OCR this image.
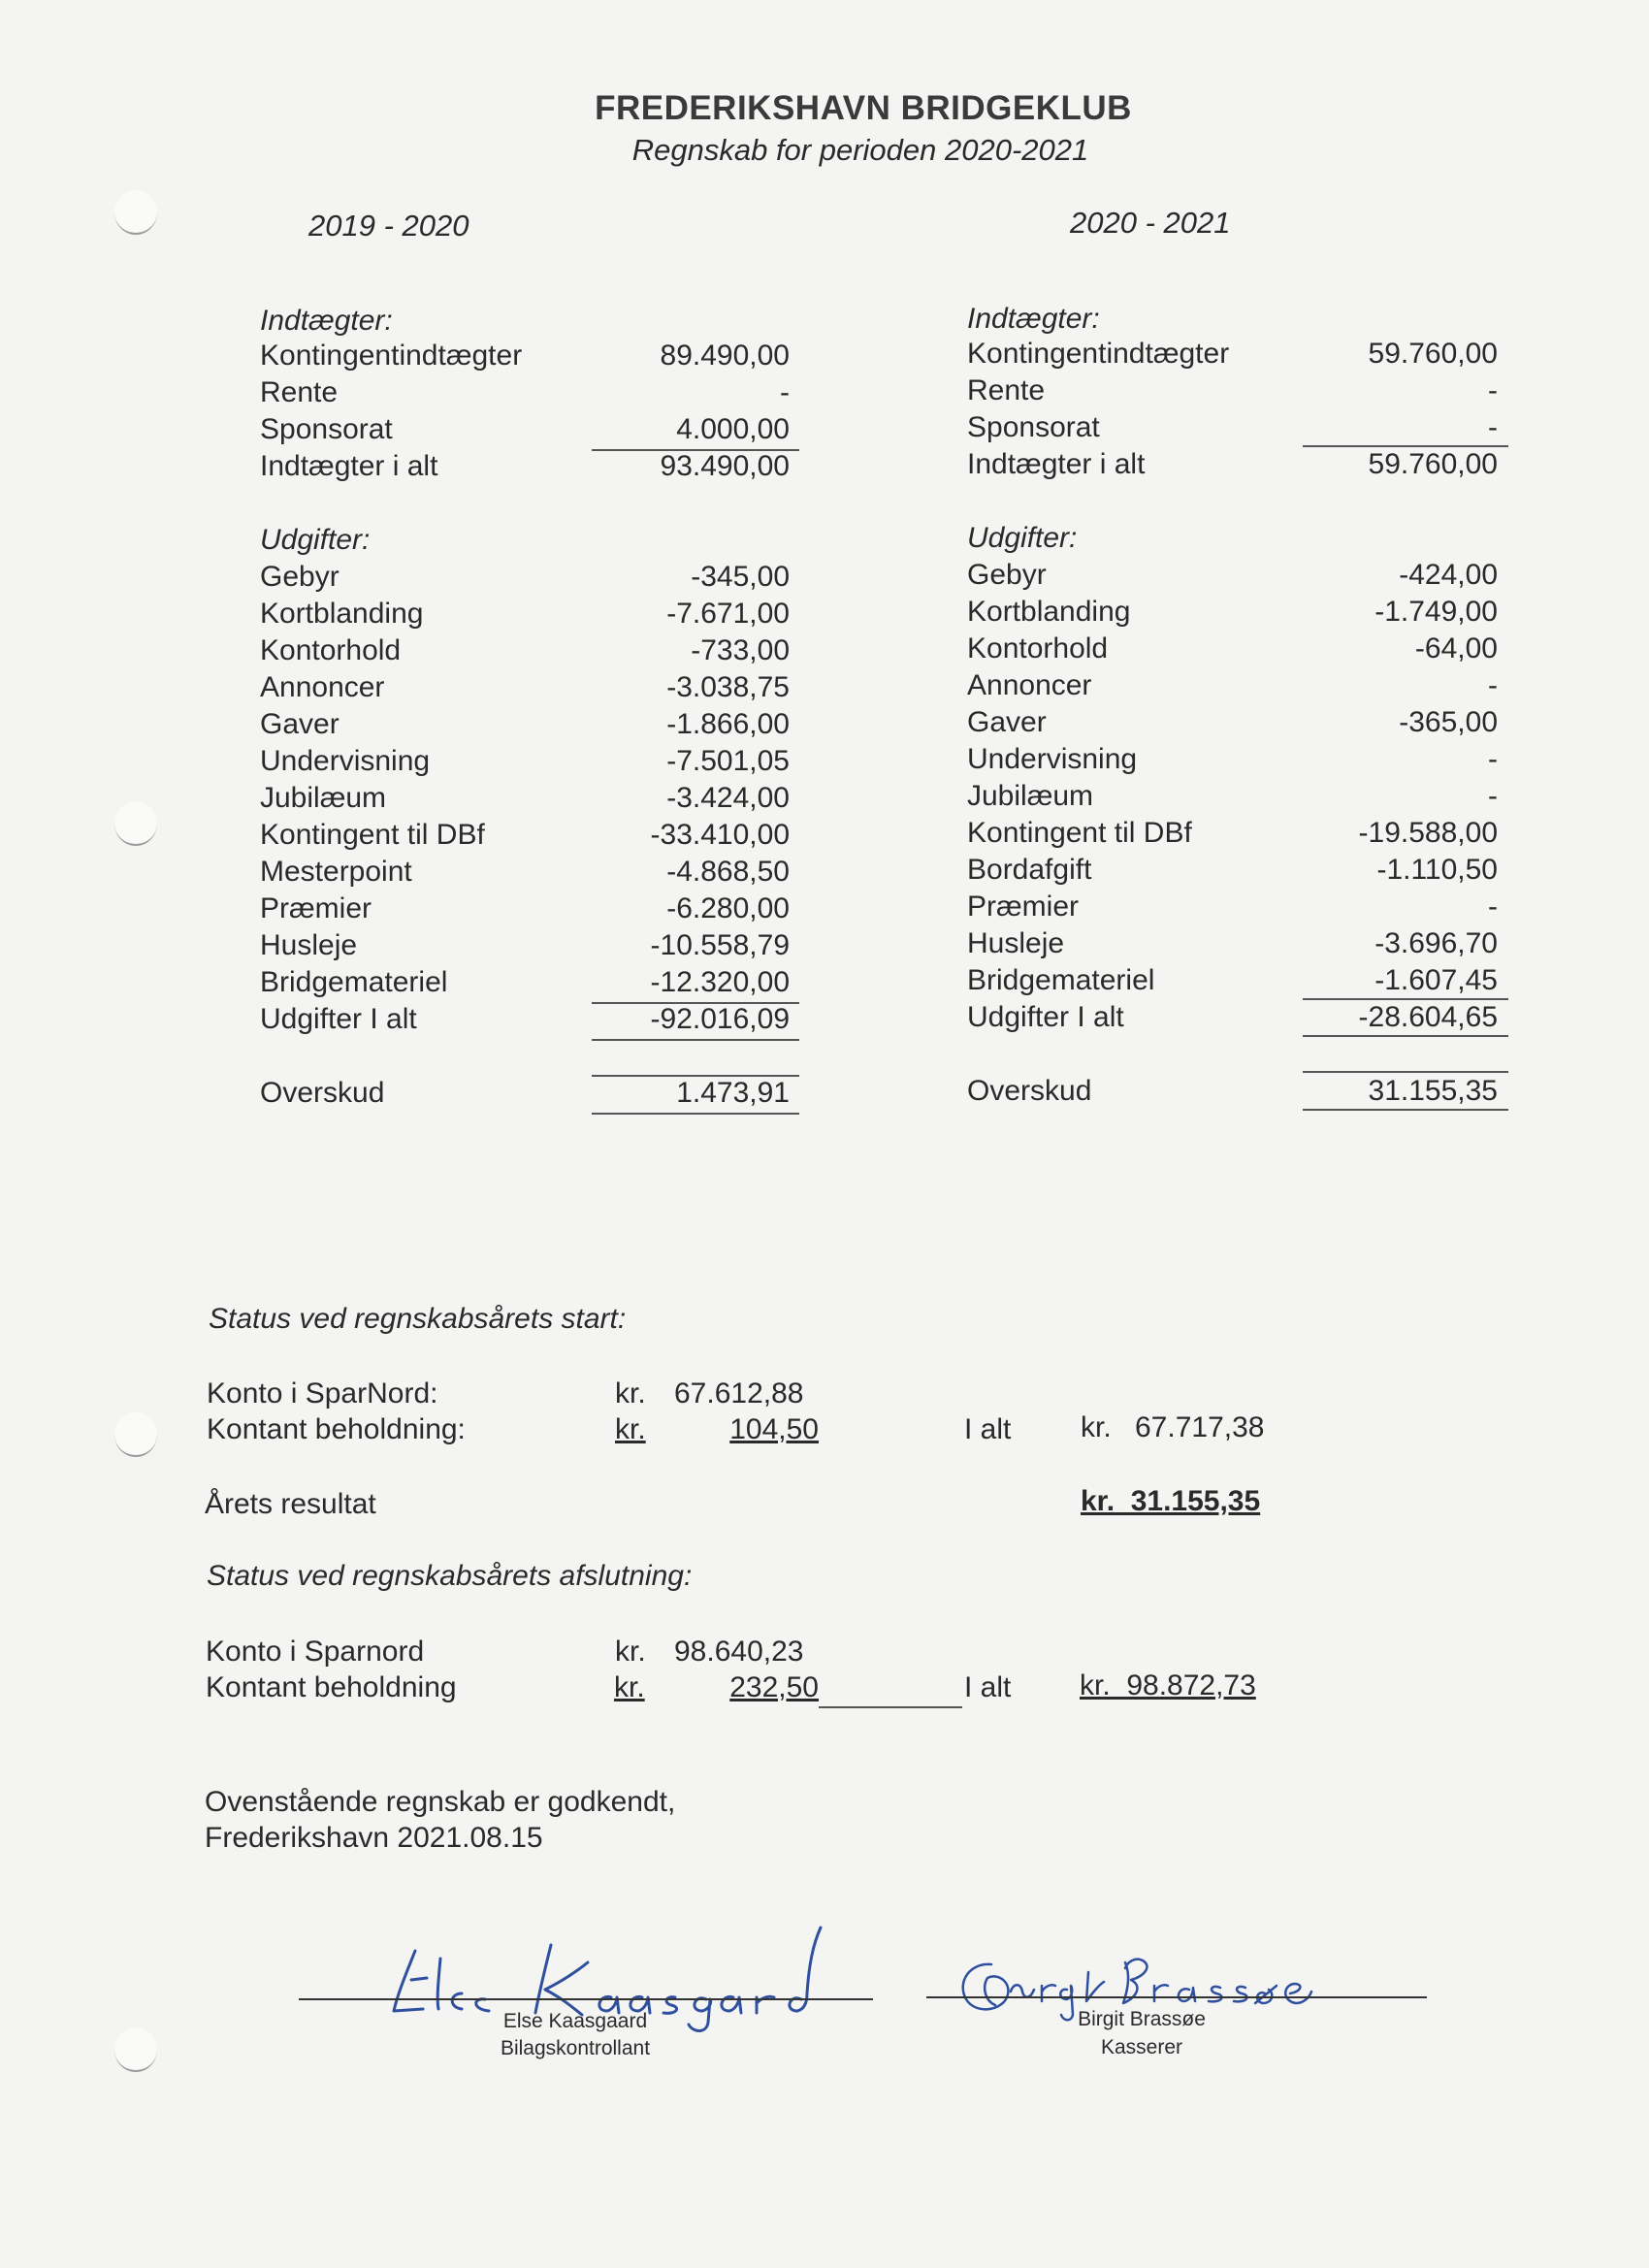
FREDERIKSHAVN BRIDGEKLUB
Regnskab for perioden 2020-2021
2019 - 2020	2020 - 2021
Indtægter:
Kontingentindtægter	89.490,00
Rente	-
Sponsorat	4.000,00
Indtægter i alt	93.490,00
Udgifter:
Gebyr	-345,00
Kortblanding	-7.671,00
Kontorhold	-733,00
Annoncer	-3.038,75
Gaver	-1.866,00
Undervisning	-7.501,05
Jubilæum	-3.424,00
Kontingent til DBf	-33.410,00
Mesterpoint	-4.868,50
Præmier	-6.280,00
Husleje	-10.558,79
Bridgemateriel	-12.320,00
Udgifter I alt	-92.016,09
Overskud	1.473,91
Indtægter:
Kontingentindtægter	59.760,00
Rente	-
Sponsorat	-
Indtægter i alt	59.760,00
Udgifter:
Gebyr	-424,00
Kortblanding	-1.749,00
Kontorhold	-64,00
Annoncer	-
Gaver	-365,00
Undervisning	-
Jubilæum	-
Kontingent til DBf	-19.588,00
Bordafgift	-1.110,50
Præmier	-
Husleje	-3.696,70
Bridgemateriel	-1.607,45
Udgifter I alt	-28.604,65
Overskud	31.155,35
Status ved regnskabsårets start:
Konto i SparNord:	kr. 67.612,88
Kontant beholdning:	kr.	104,50	I alt kr. 67.717,38
Årets resultat	kr.  31.155,35
Status ved regnskabsårets afslutning:
Konto i Sparnord	kr. 98.640,23
Kontant beholdning	kr.	232,50	I alt kr.  98.872,73
Ovenstående regnskab er godkendt,
Frederikshavn 2021.08.15
Else Kaasgaard
Bilagskontrollant
Birgit Brassøe
Kasserer
